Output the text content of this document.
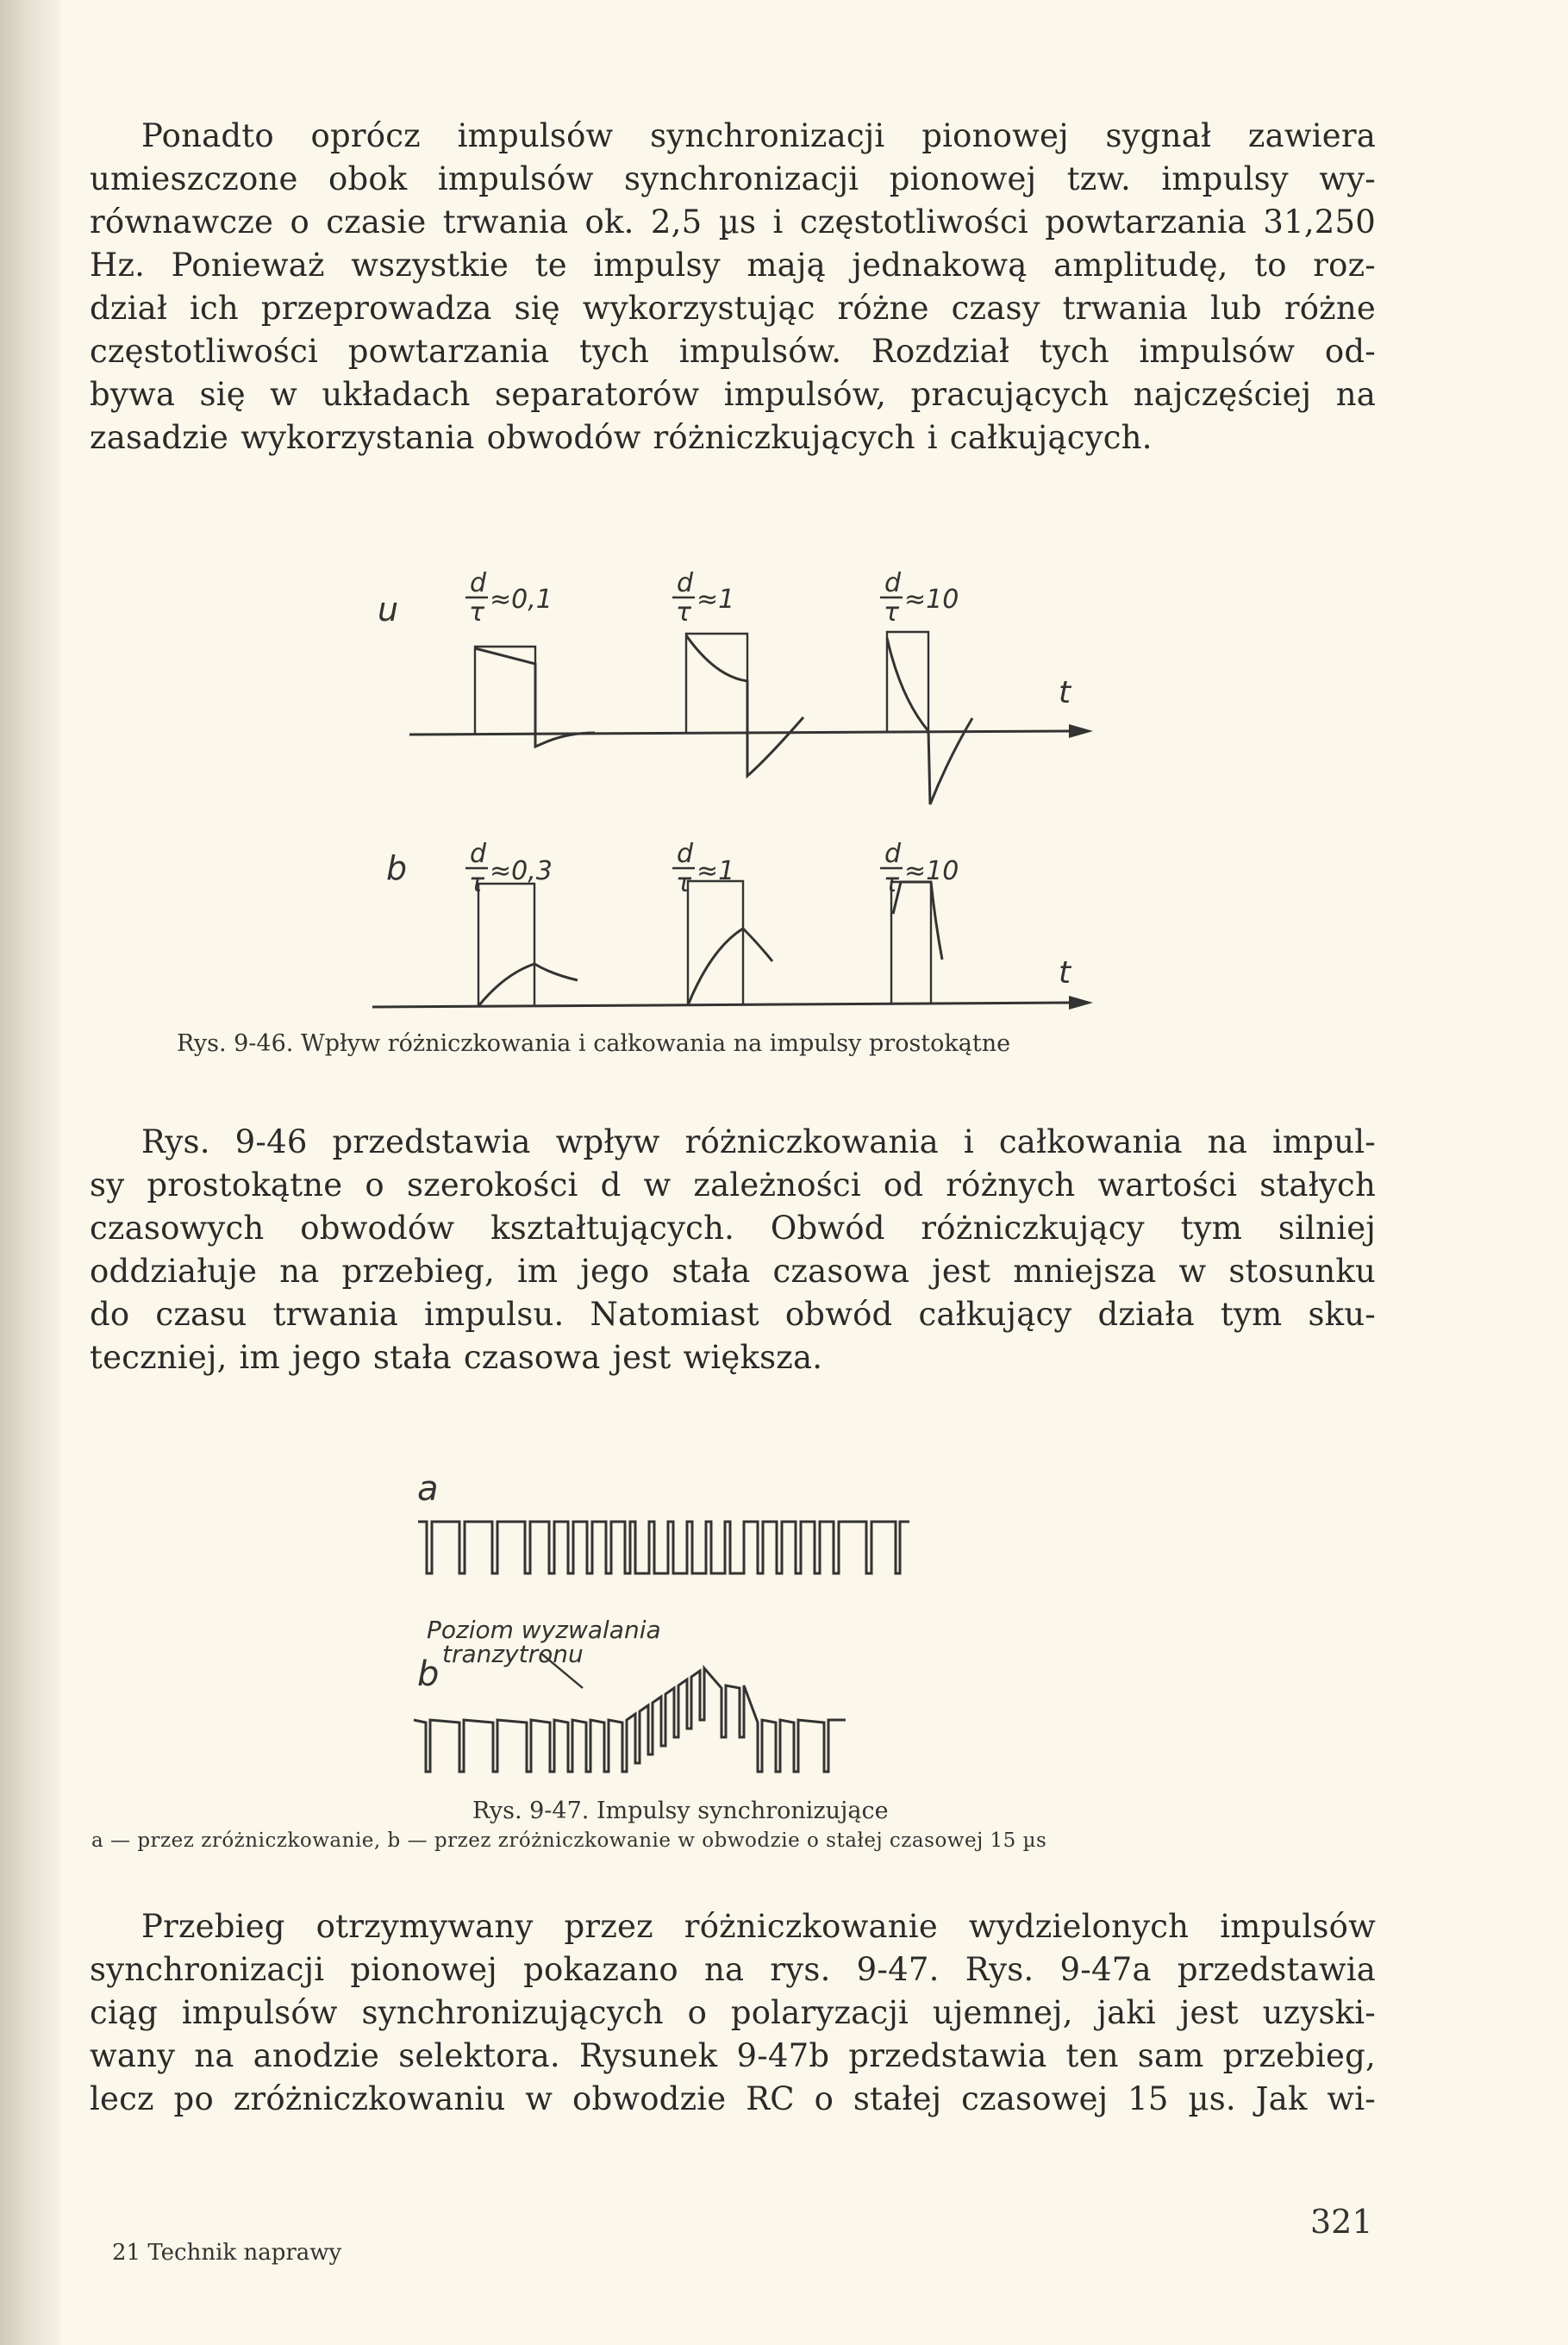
Ponadto oprócz impulsów synchronizacji pionowej sygnał zawiera
umieszczone obok impulsów synchronizacji pionowej tzw. impulsy wy-
równawcze o czasie trwania ok. 2,5 µs i częstotliwości powtarzania 31,250
Hz. Ponieważ wszystkie te impulsy mają jednakową amplitudę, to roz-
dział ich przeprowadza się wykorzystując różne czasy trwania lub różne
częstotliwości powtarzania tych impulsów. Rozdział tych impulsów od-
bywa się w układach separatorów impulsów, pracujących najczęściej na
zasadzie wykorzystania obwodów różniczkujących i całkujących.
u
b
d
τ ≈0,1
d
τ ≈1
d
τ ≈10
t
d
τ ≈0,3
d
τ ≈1
d
τ ≈10
t
Rys. 9-46. Wpływ różniczkowania i całkowania na impulsy prostokątne
Rys. 9-46 przedstawia wpływ różniczkowania i całkowania na impul-
sy prostokątne o szerokości d w zależności od różnych wartości stałych
czasowych obwodów kształtujących. Obwód różniczkujący tym silniej
oddziałuje na przebieg, im jego stała czasowa jest mniejsza w stosunku
do czasu trwania impulsu. Natomiast obwód całkujący działa tym sku-
teczniej, im jego stała czasowa jest większa.
a
b
Poziom wyzwalania
tranzytronu
Rys. 9-47. Impulsy synchronizujące
a — przez zróżniczkowanie, b — przez zróżniczkowanie w obwodzie o stałej czasowej 15 µs
Przebieg otrzymywany przez różniczkowanie wydzielonych impulsów
synchronizacji pionowej pokazano na rys. 9-47. Rys. 9-47a przedstawia
ciąg impulsów synchronizujących o polaryzacji ujemnej, jaki jest uzyski-
wany na anodzie selektora. Rysunek 9-47b przedstawia ten sam przebieg,
lecz po zróżniczkowaniu w obwodzie RC o stałej czasowej 15 µs. Jak wi-
321
21 Technik naprawy
